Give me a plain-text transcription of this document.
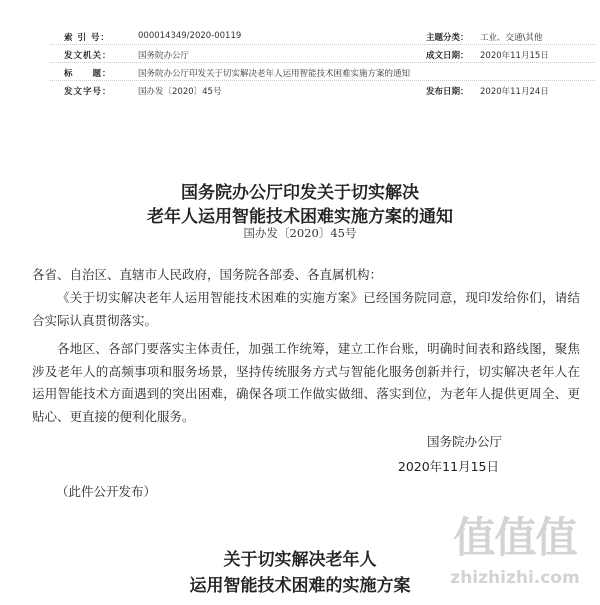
索 引 号：	000014349/2020-00119	主题分类： 工业、交通\其他
发文机关：	国务院办公厅	成文日期： 2020年11月15日
标　　题：	国务院办公厅印发关于切实解决老年人运用智能技术困难实施方案的通知
发文字号：	国办发〔2020〕45号	发布日期： 2020年11月24日
国务院办公厅印发关于切实解决
老年人运用智能技术困难实施方案的通知
国办发〔2020〕45号

各省、自治区、直辖市人民政府，国务院各部委、各直属机构：

《关于切实解决老年人运用智能技术困难的实施方案》已经国务院同意，现印发给你们，请结合实际认真贯彻落实。

各地区、各部门要落实主体责任，加强工作统筹，建立工作台账，明确时间表和路线图，聚焦涉及老年人的高频事项和服务场景，坚持传统服务方式与智能化服务创新并行，切实解决老年人在运用智能技术方面遇到的突出困难，确保各项工作做实做细、落实到位，为老年人提供更周全、更贴心、更直接的便利化服务。

国务院办公厅
2020年11月15日
（此件公开发布）
关于切实解决老年人
运用智能技术困难的实施方案
值值值
zhizhizhi.com
